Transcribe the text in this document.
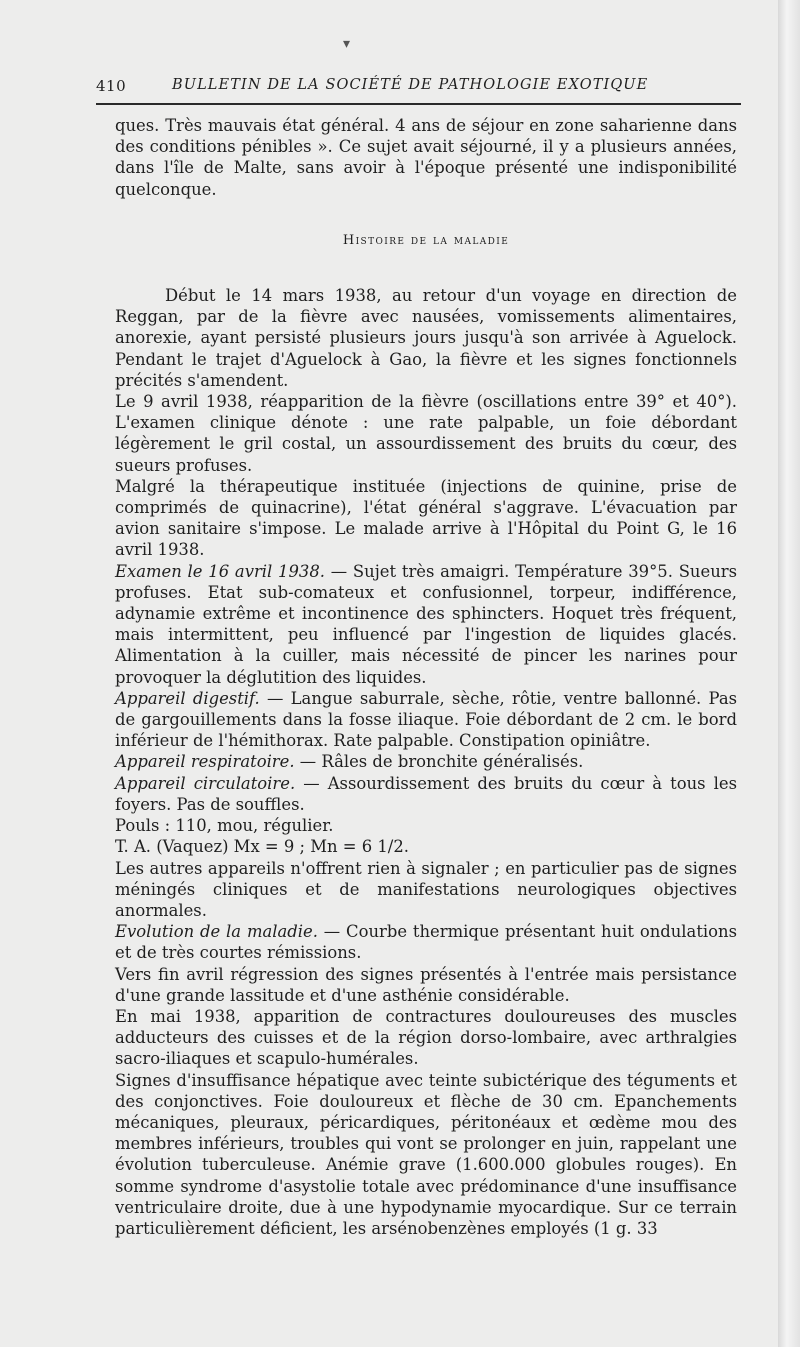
410	BULLETIN DE LA SOCIÉTÉ DE PATHOLOGIE EXOTIQUE

ques. Très mauvais état général. 4 ans de séjour en zone saharienne dans des conditions pénibles ». Ce sujet avait séjourné, il y a plusieurs années, dans l'île de Malte, sans avoir à l'époque présenté une indisponibilité quelconque.

Histoire de la maladie

Début le 14 mars 1938, au retour d'un voyage en direction de Reggan, par de la fièvre avec nausées, vomissements alimentaires, anorexie, ayant persisté plusieurs jours jusqu'à son arrivée à Aguelock. Pendant le trajet d'Aguelock à Gao, la fièvre et les signes fonctionnels précités s'amendent.

Le 9 avril 1938, réapparition de la fièvre (oscillations entre 39° et 40°). L'examen clinique dénote : une rate palpable, un foie débordant légèrement le gril costal, un assourdissement des bruits du cœur, des sueurs profuses.

Malgré la thérapeutique instituée (injections de quinine, prise de comprimés de quinacrine), l'état général s'aggrave. L'évacuation par avion sanitaire s'impose. Le malade arrive à l'Hôpital du Point G, le 16 avril 1938.

Examen le 16 avril 1938. — Sujet très amaigri. Température 39°5. Sueurs profuses. Etat sub-comateux et confusionnel, torpeur, indifférence, adynamie extrême et incontinence des sphincters. Hoquet très fréquent, mais intermittent, peu influencé par l'ingestion de liquides glacés. Alimentation à la cuiller, mais nécessité de pincer les narines pour provoquer la déglutition des liquides.

Appareil digestif. — Langue saburrale, sèche, rôtie, ventre ballonné. Pas de gargouillements dans la fosse iliaque. Foie débordant de 2 cm. le bord inférieur de l'hémithorax. Rate palpable. Constipation opiniâtre.

Appareil respiratoire. — Râles de bronchite généralisés.

Appareil circulatoire. — Assourdissement des bruits du cœur à tous les foyers. Pas de souffles.

Pouls : 110, mou, régulier.

T. A. (Vaquez) Mx = 9 ; Mn = 6 1/2.

Les autres appareils n'offrent rien à signaler ; en particulier pas de signes méningés cliniques et de manifestations neurologiques objectives anormales.

Evolution de la maladie. — Courbe thermique présentant huit ondulations et de très courtes rémissions.

Vers fin avril régression des signes présentés à l'entrée mais persistance d'une grande lassitude et d'une asthénie considérable.

En mai 1938, apparition de contractures douloureuses des muscles adducteurs des cuisses et de la région dorso-lombaire, avec arthralgies sacro-iliaques et scapulo-humérales.

Signes d'insuffisance hépatique avec teinte subictérique des téguments et des conjonctives. Foie douloureux et flèche de 30 cm. Epanchements mécaniques, pleuraux, péricardiques, péritonéaux et œdème mou des membres inférieurs, troubles qui vont se prolonger en juin, rappelant une évolution tuberculeuse. Anémie grave (1.600.000 globules rouges). En somme syndrome d'asystolie totale avec prédominance d'une insuffisance ventriculaire droite, due à une hypodynamie myocardique. Sur ce terrain particulièrement déficient, les arsénobenzènes employés (1 g. 33

▾
